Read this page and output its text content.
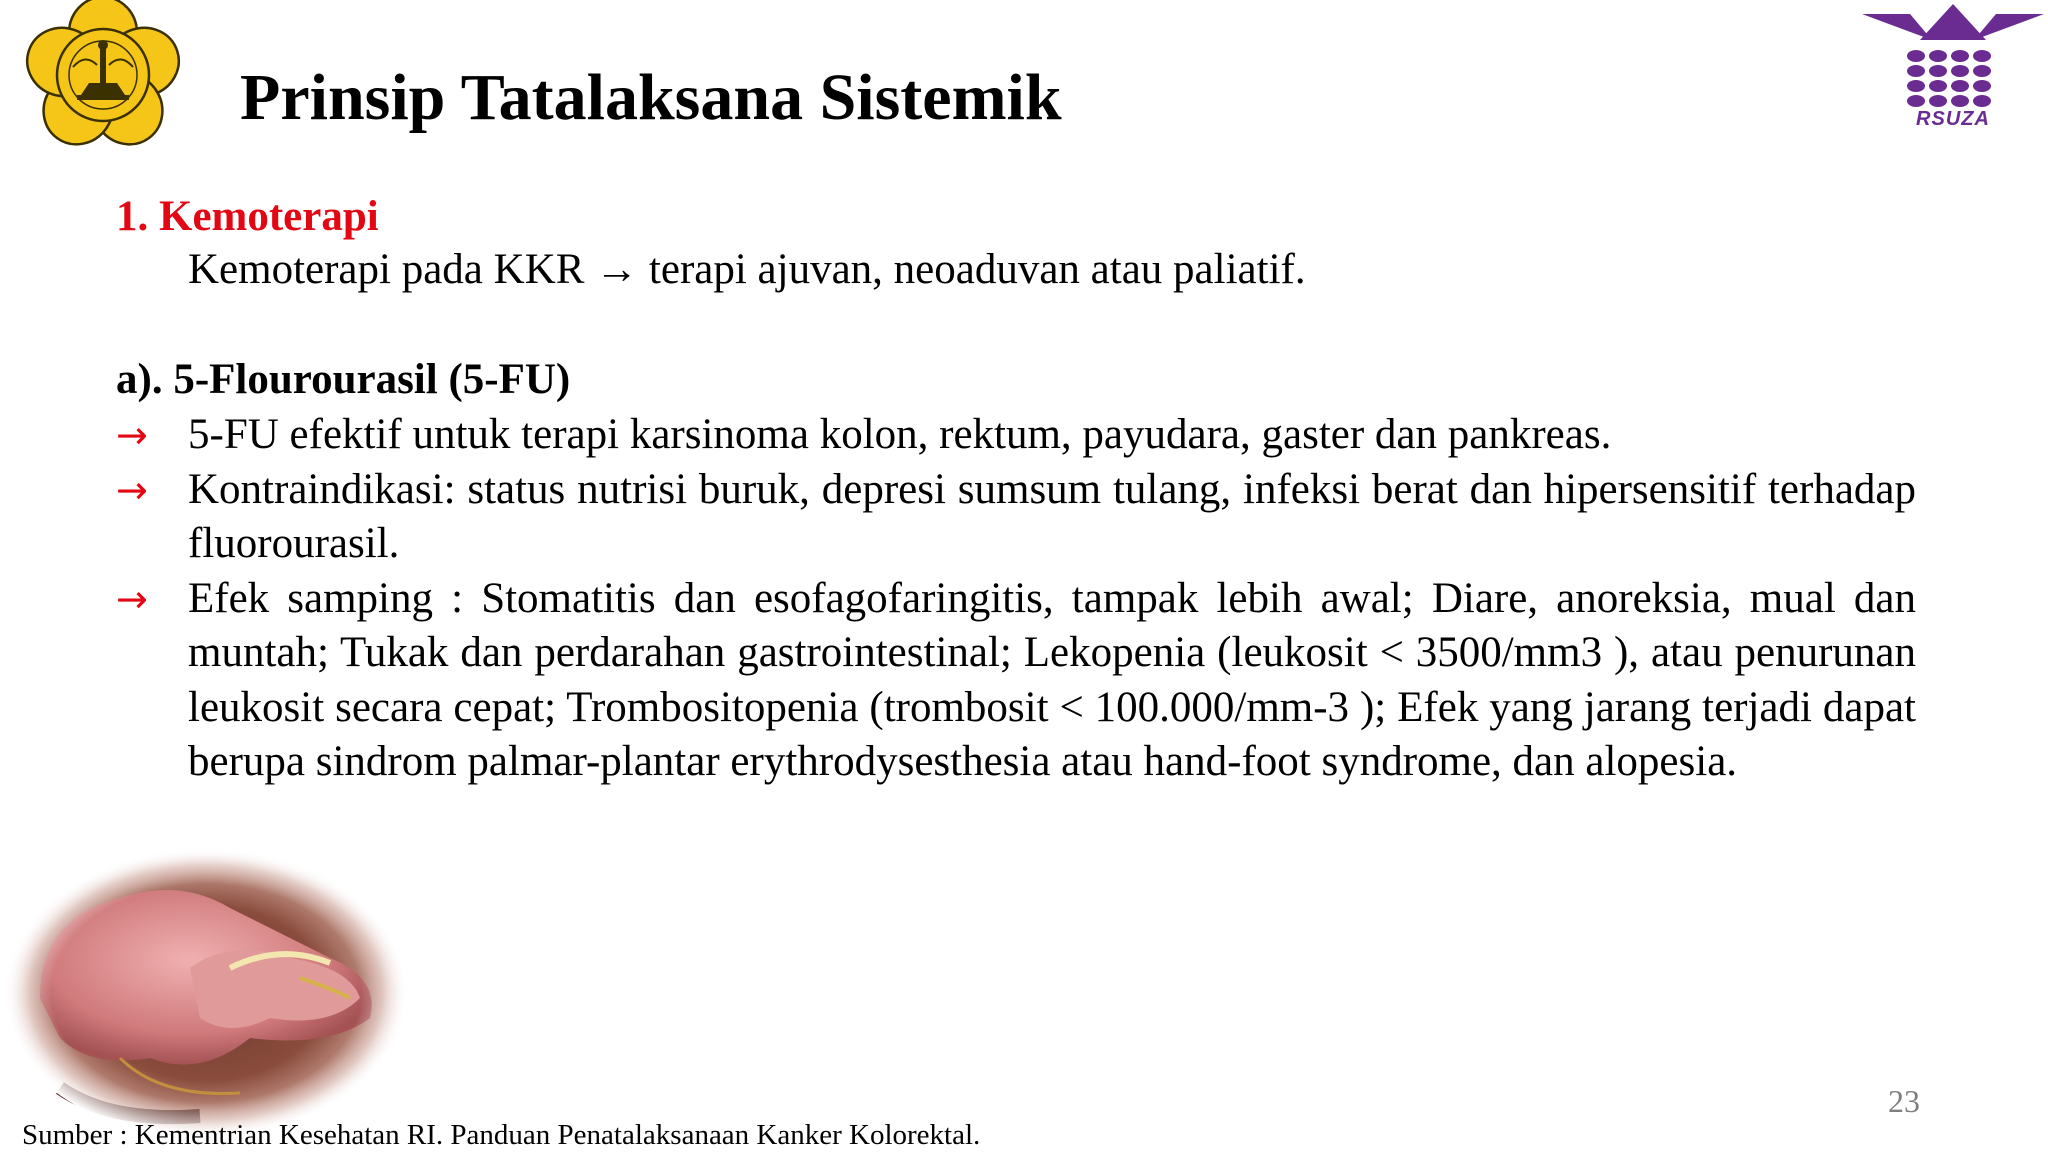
RSUZA
Prinsip Tatalaksana Sistemik
1. Kemoterapi
Kemoterapi pada KKR → terapi ajuvan, neoaduvan atau paliatif.
a). 5-Flourourasil (5-FU)
→ 5-FU efektif untuk terapi karsinoma kolon, rektum, payudara, gaster dan pankreas.
→ Kontraindikasi: status nutrisi buruk, depresi sumsum tulang, infeksi berat dan hipersensitif terhadap fluorourasil.
→ Efek samping : Stomatitis dan esofagofaringitis, tampak lebih awal; Diare, anoreksia, mual dan muntah; Tukak dan perdarahan gastrointestinal; Lekopenia (leukosit < 3500/mm3 ), atau penurunan leukosit secara cepat; Trombositopenia (trombosit < 100.000/mm-3 ); Efek yang jarang terjadi dapat berupa sindrom palmar-plantar erythrodysesthesia atau hand-foot syndrome, dan alopesia.
23
Sumber : Kementrian Kesehatan RI. Panduan Penatalaksanaan Kanker Kolorektal.
